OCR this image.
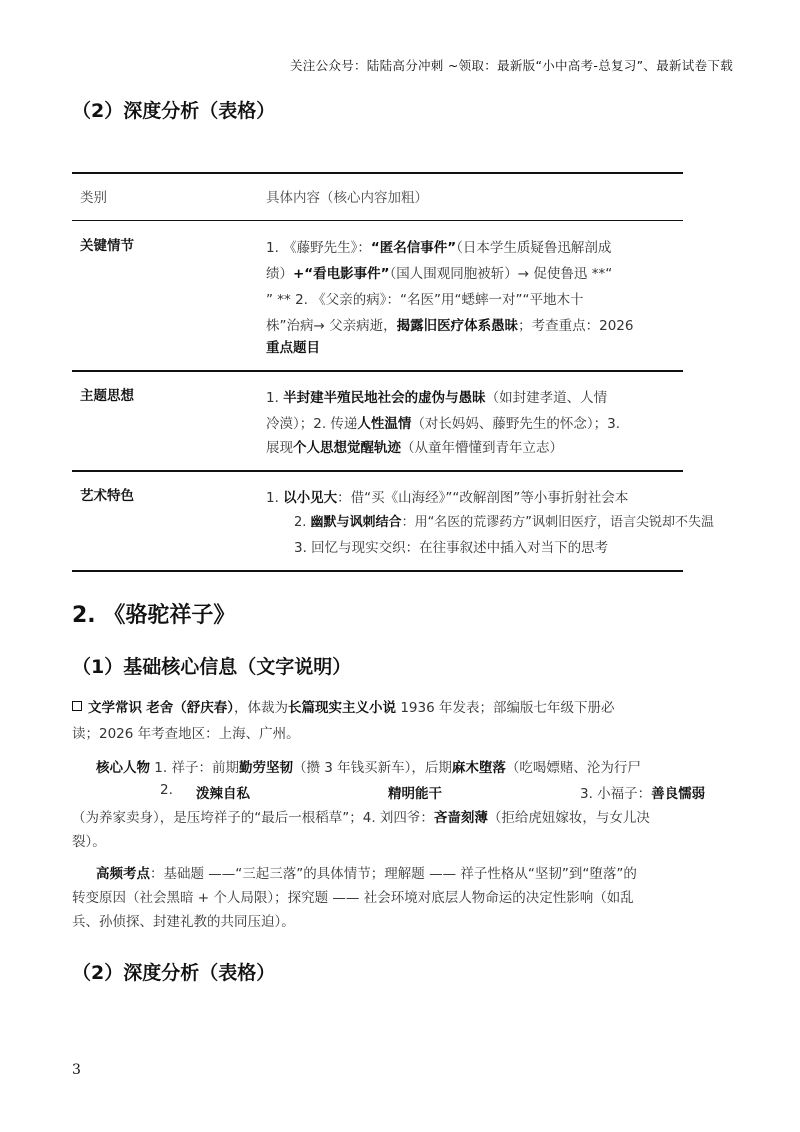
关注公众号：陆陆高分冲刺 ~领取：最新版“小中高考-总复习”、最新试卷下载
（2）深度分析（表格）
类别	具体内容（核心内容加粗）
关键情节	1. 《藤野先生》：“匿名信事件”（日本学生质疑鲁迅解剖成
绩）+“看电影事件”（国人围观同胞被斩）→ 促使鲁迅 **“
” ** 2. 《父亲的病》：“名医”用“蟋蟀一对”“平地木十
株”治病→ 父亲病逝，揭露旧医疗体系愚昧；考查重点：2026
重点题目
主题思想	1. 半封建半殖民地社会的虚伪与愚昧（如封建孝道、人情
冷漠）；2. 传递人性温情（对长妈妈、藤野先生的怀念）；3.
展现个人思想觉醒轨迹（从童年懵懂到青年立志）
艺术特色	1. 以小见大：借“买《山海经》”“改解剖图”等小事折射社会本
2. 幽默与讽刺结合：用“名医的荒谬药方”讽刺旧医疗，语言尖锐却不失温
3. 回忆与现实交织：在往事叙述中插入对当下的思考
2. 《骆驼祥子》
（1）基础核心信息（文字说明）
文学常识 老舍（舒庆春），体裁为长篇现实主义小说 1936 年发表；部编版七年级下册必
读；2026 年考查地区：上海、广州。
核心人物 1. 祥子：前期勤劳坚韧（攒 3 年钱买新车），后期麻木堕落（吃喝嫖赌、沦为行尸
2. 泼辣自私	精明能干	3. 小福子：善良懦弱
（为养家卖身），是压垮祥子的“最后一根稻草”；4. 刘四爷：吝啬刻薄（拒给虎妞嫁妆，与女儿决
裂）。
高频考点：基础题 ——“三起三落”的具体情节；理解题 —— 祥子性格从“坚韧”到“堕落”的
转变原因（社会黑暗 + 个人局限）；探究题 —— 社会环境对底层人物命运的决定性影响（如乱
兵、孙侦探、封建礼教的共同压迫）。
（2）深度分析（表格）
3
